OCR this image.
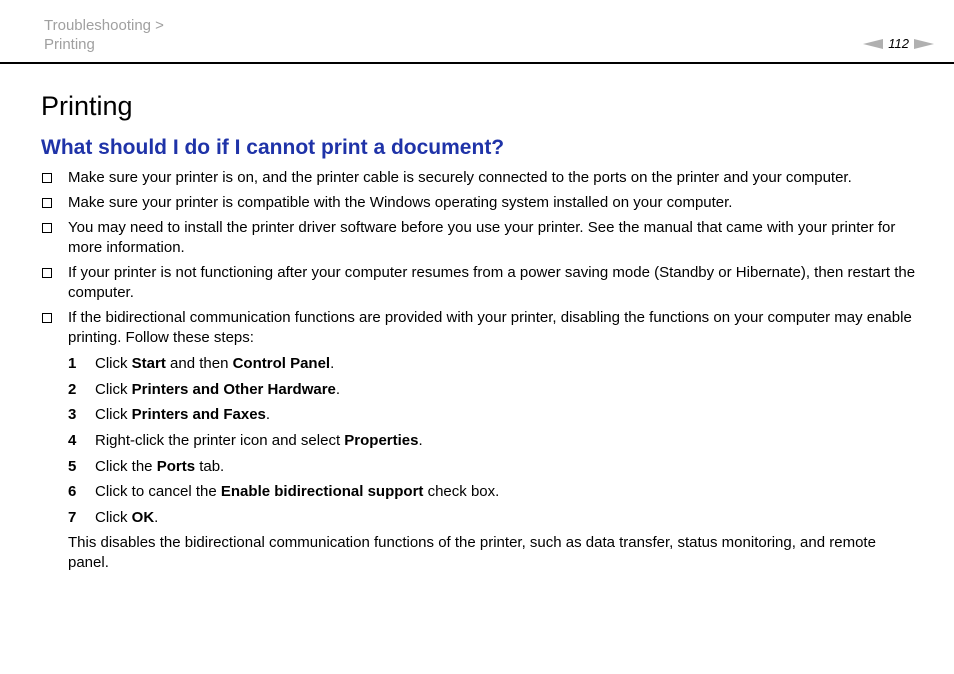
Troubleshooting >
Printing	112
Printing
What should I do if I cannot print a document?
Make sure your printer is on, and the printer cable is securely connected to the ports on the printer and your computer.
Make sure your printer is compatible with the Windows operating system installed on your computer.
You may need to install the printer driver software before you use your printer. See the manual that came with your printer for more information.
If your printer is not functioning after your computer resumes from a power saving mode (Standby or Hibernate), then restart the computer.
If the bidirectional communication functions are provided with your printer, disabling the functions on your computer may enable printing. Follow these steps:
1 Click Start and then Control Panel.
2 Click Printers and Other Hardware.
3 Click Printers and Faxes.
4 Right-click the printer icon and select Properties.
5 Click the Ports tab.
6 Click to cancel the Enable bidirectional support check box.
7 Click OK.

This disables the bidirectional communication functions of the printer, such as data transfer, status monitoring, and remote panel.
